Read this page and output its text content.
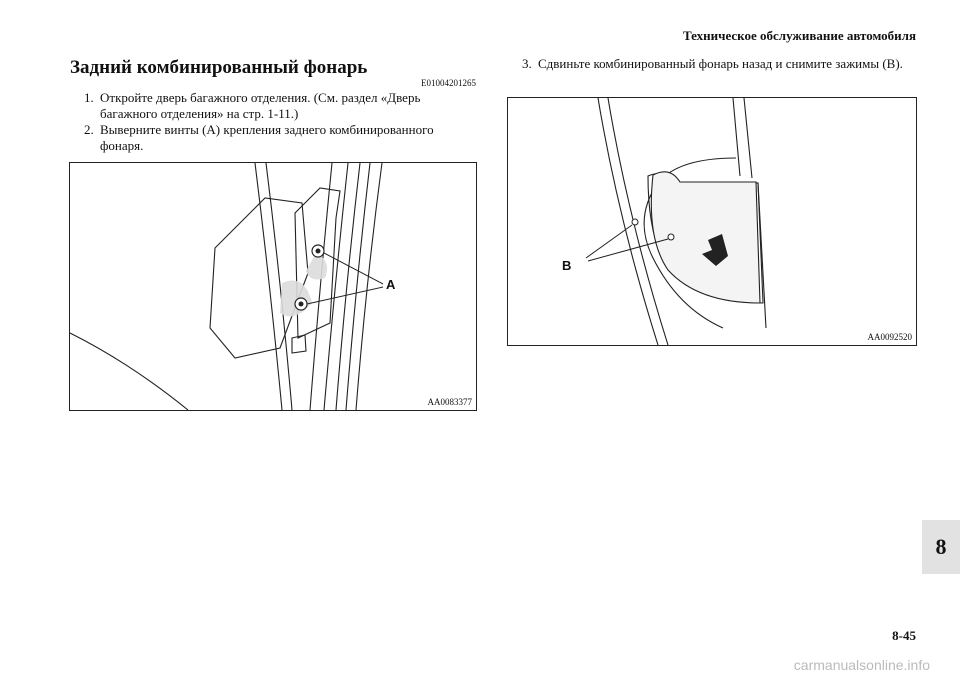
Техническое обслуживание автомобиля
Задний комбинированный фонарь
E01004201265
1. Откройте дверь багажного отделения. (См. раздел «Дверь багажного отделения» на стр. 1-11.)
2. Выверните винты (A) крепления заднего комбинированного фонаря.
3. Сдвиньте комбинированный фонарь назад и снимите зажимы (B).
A
AA0083377
B
AA0092520
8
8-45
carmanualsonline.info
